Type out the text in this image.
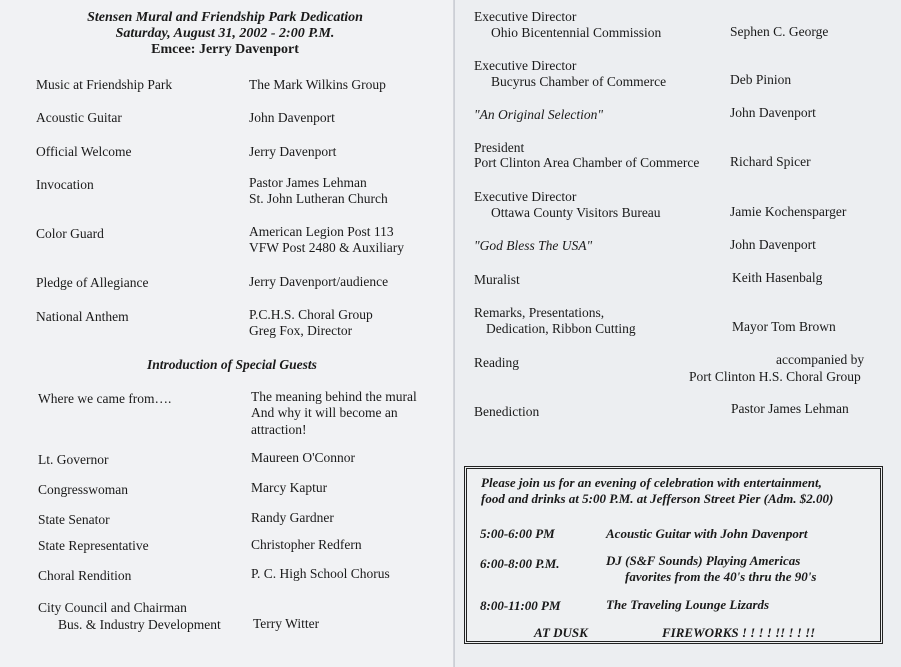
Stensen Mural and Friendship Park Dedication
Saturday, August 31, 2002 - 2:00 P.M.
Emcee: Jerry Davenport
Music at Friendship Park	The Mark Wilkins Group
Acoustic Guitar	John Davenport
Official Welcome	Jerry Davenport
Invocation	Pastor James Lehman
St. John Lutheran Church
Color Guard	American Legion Post 113
VFW Post 2480 & Auxiliary
Pledge of Allegiance	Jerry Davenport/audience
National Anthem	P.C.H.S. Choral Group
Greg Fox, Director
Introduction of Special Guests
Where we came from….	The meaning behind the mural
And why it will become an
attraction!
Lt. Governor	Maureen O'Connor
Congresswoman	Marcy Kaptur
State Senator	Randy Gardner
State Representative	Christopher Redfern
Choral Rendition	P. C. High School Chorus
City Council and Chairman
Bus. & Industry Development Terry Witter
Executive Director
Ohio Bicentennial Commission	Sephen C. George
Executive Director
Bucyrus Chamber of Commerce	Deb Pinion
"An Original Selection"	John Davenport
President
Port Clinton Area Chamber of Commerce Richard Spicer
Executive Director
Ottawa County Visitors Bureau	Jamie Kochensparger
"God Bless The USA"	John Davenport
Muralist	Keith Hasenbalg
Remarks, Presentations,
Dedication, Ribbon Cutting	Mayor Tom Brown
Reading	accompanied by
Port Clinton H.S. Choral Group
Benediction	Pastor James Lehman
Please join us for an evening of celebration with entertainment,
food and drinks at 5:00 P.M. at Jefferson Street Pier (Adm. $2.00)
5:00-6:00 PM	Acoustic Guitar with John Davenport
6:00-8:00 P.M.	DJ (S&F Sounds) Playing Americas
favorites from the 40's thru the 90's
8:00-11:00 PM	The Traveling Lounge Lizards
AT DUSK	FIREWORKS ! ! ! ! !! ! ! !!
